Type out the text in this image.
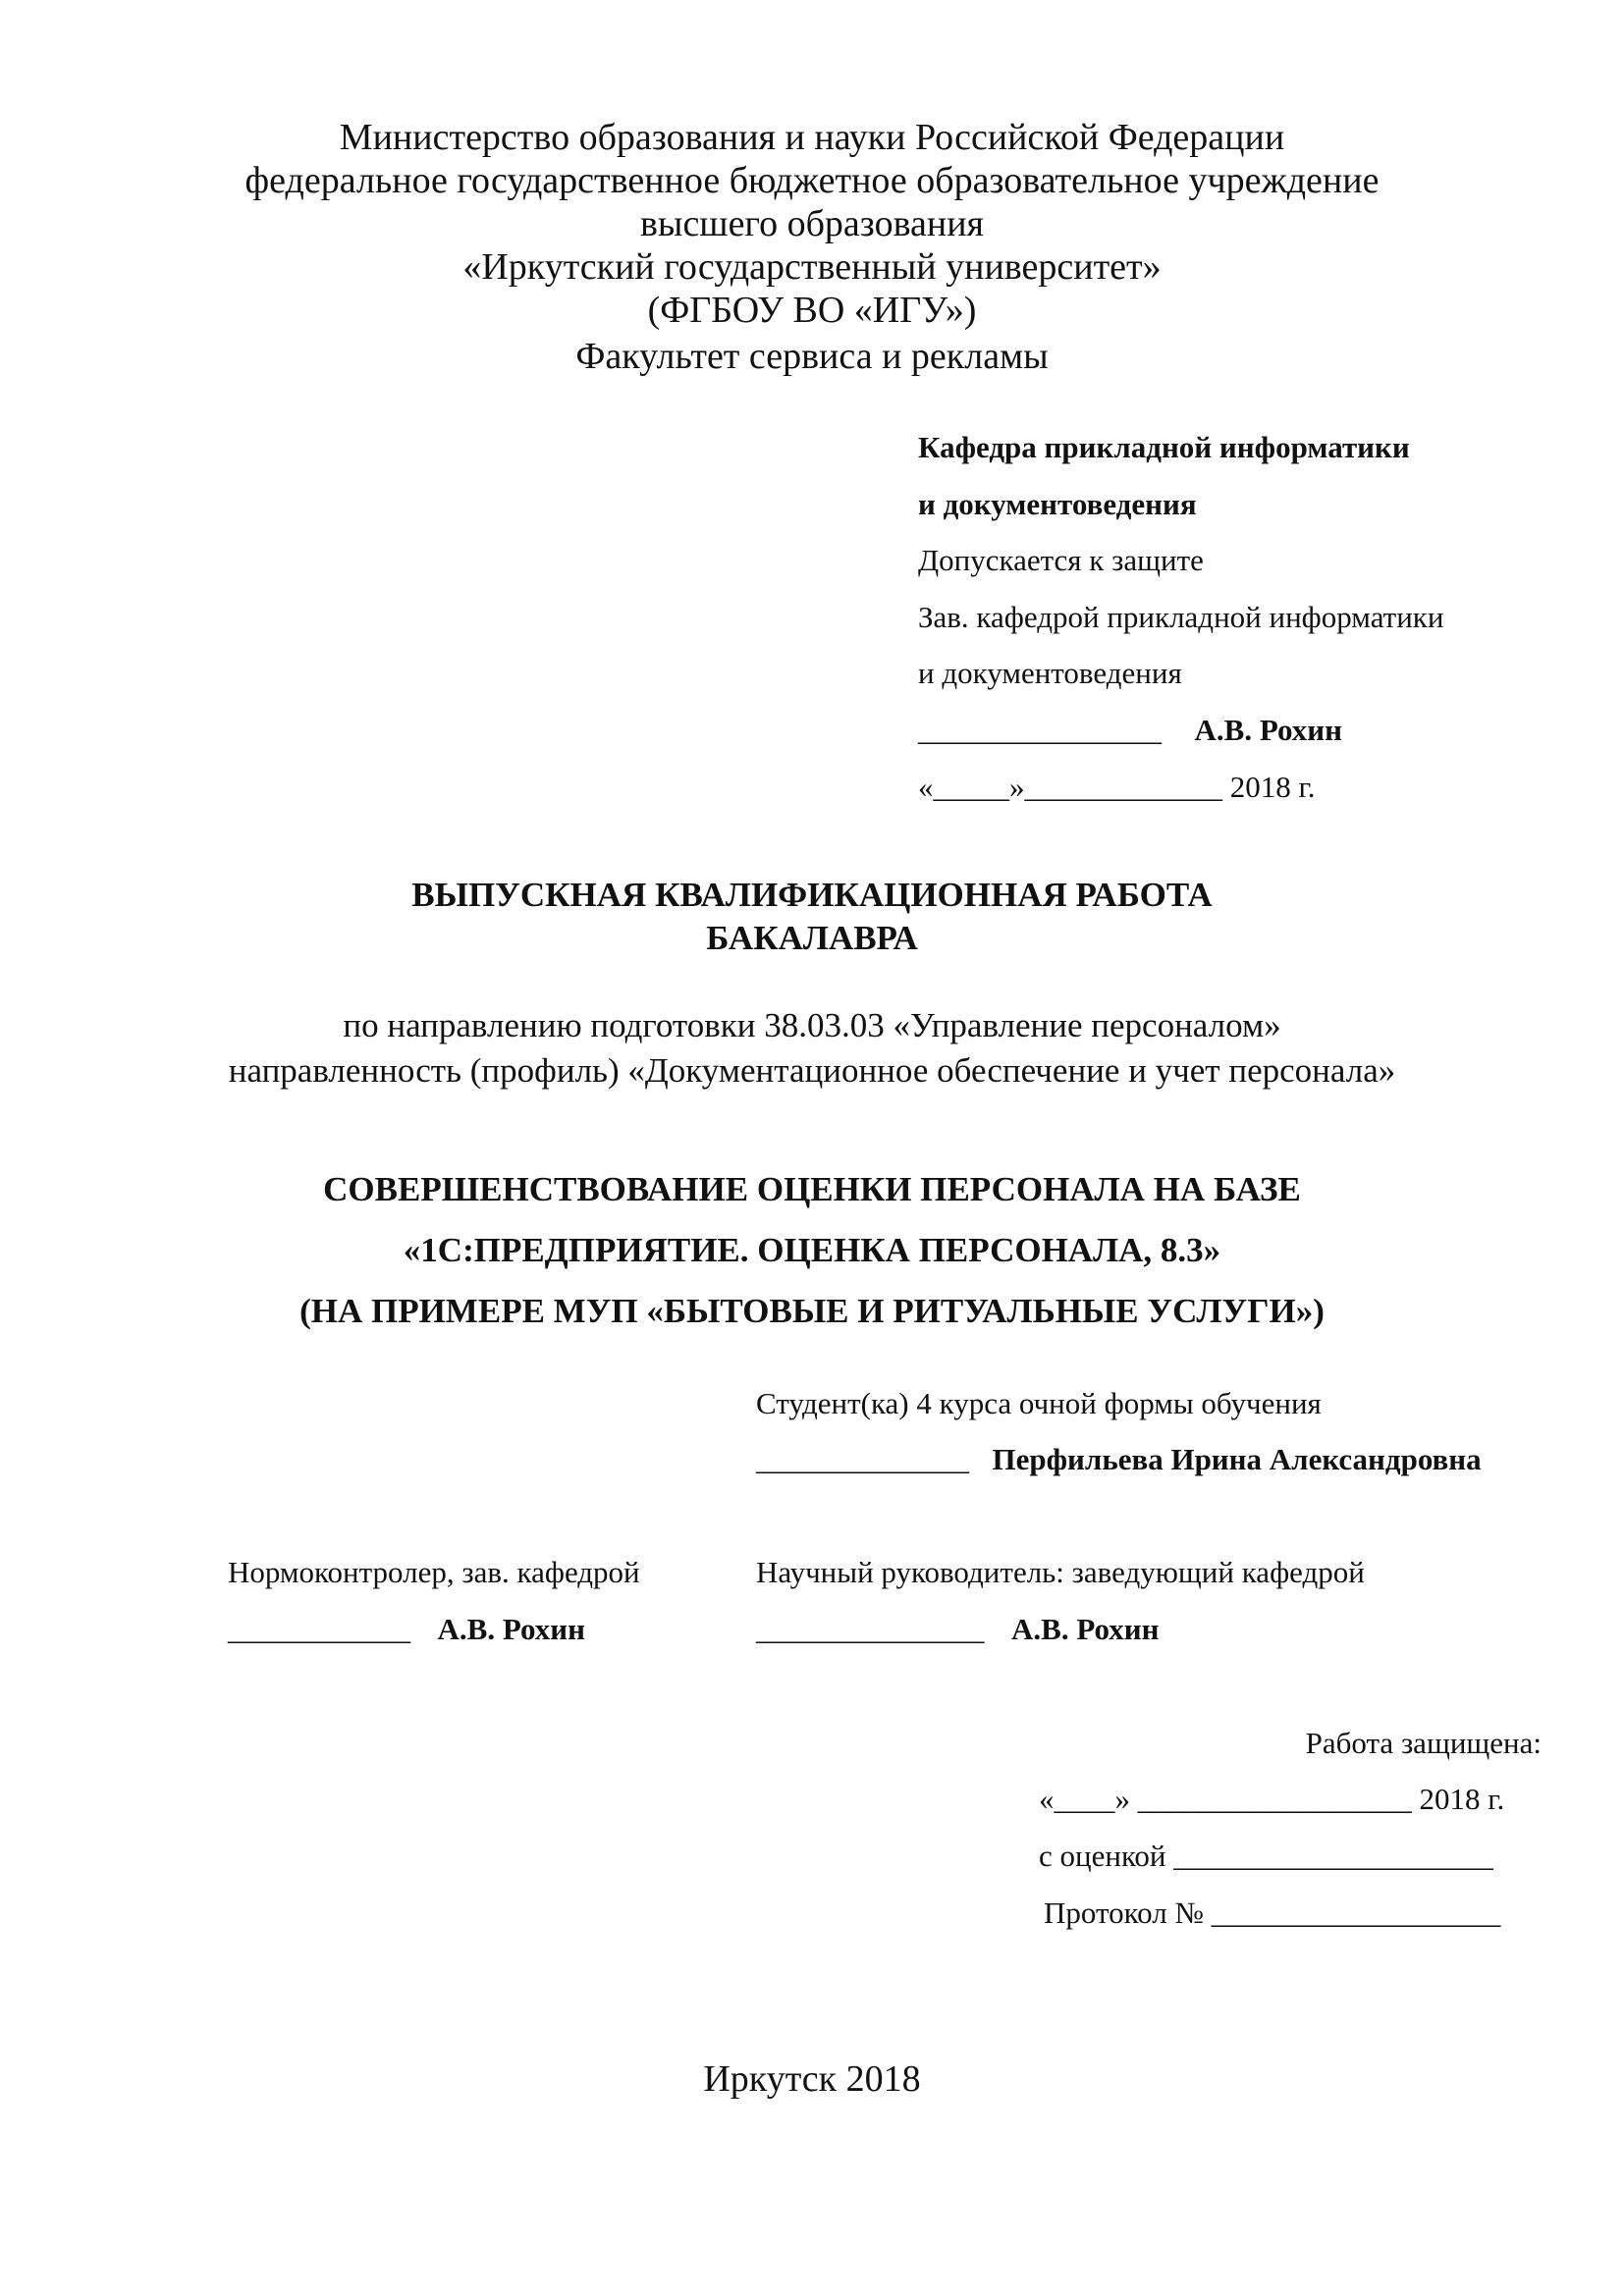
Министерство образования и науки Российской Федерации
федеральное государственное бюджетное образовательное учреждение
высшего образования
«Иркутский государственный университет»
(ФГБОУ ВО «ИГУ»)
Факультет сервиса и рекламы
Кафедра прикладной информатики
и документоведения
Допускается к защите
Зав. кафедрой прикладной информатики
и документоведения
________________ А.В. Рохин
«_____»_____________ 2018 г.
ВЫПУСКНАЯ КВАЛИФИКАЦИОННАЯ РАБОТА
БАКАЛАВРА
по направлению подготовки 38.03.03 «Управление персоналом»
направленность (профиль) «Документационное обеспечение и учет персонала»
СОВЕРШЕНСТВОВАНИЕ ОЦЕНКИ ПЕРСОНАЛА НА БАЗЕ
«1С:ПРЕДПРИЯТИЕ. ОЦЕНКА ПЕРСОНАЛА, 8.3»
(НА ПРИМЕРЕ МУП «БЫТОВЫЕ И РИТУАЛЬНЫЕ УСЛУГИ»)
Студент(ка) 4 курса очной формы обучения
______________ Перфильева Ирина Александровна
Нормоконтролер, зав. кафедрой
____________ А.В. Рохин
Научный руководитель: заведующий кафедрой
_______________ А.В. Рохин
Работа защищена:
«____» __________________ 2018 г.
с оценкой _____________________
Протокол № ___________________
Иркутск 2018
